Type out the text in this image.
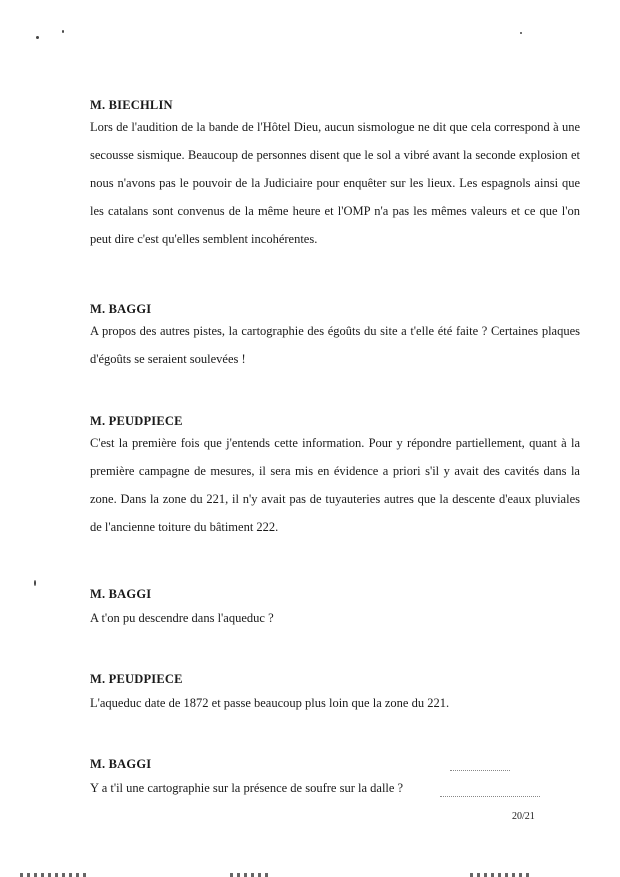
M. BIECHLIN
Lors de l'audition de la bande de l'Hôtel Dieu, aucun sismologue ne dit que cela correspond à une secousse sismique. Beaucoup de personnes disent que le sol a vibré avant la seconde explosion et nous n'avons pas le pouvoir de la Judiciaire pour enquêter sur les lieux. Les espagnols ainsi que les catalans sont convenus de la même heure et l'OMP n'a pas les mêmes valeurs et ce que l'on peut dire c'est qu'elles semblent incohérentes.
M. BAGGI
A propos des autres pistes, la cartographie des égoûts du site a t'elle été faite ? Certaines plaques d'égoûts se seraient soulevées !
M. PEUDPIECE
C'est la première fois que j'entends cette information. Pour y répondre partiellement, quant à la première campagne de mesures, il sera mis en évidence a priori s'il y avait des cavités dans la zone. Dans la zone du 221, il n'y avait pas de tuyauteries autres que la descente d'eaux pluviales de l'ancienne toiture du bâtiment 222.
M. BAGGI
A t'on pu descendre dans l'aqueduc ?
M. PEUDPIECE
L'aqueduc date de 1872 et passe beaucoup plus loin que la zone du 221.
M. BAGGI
Y a t'il une cartographie sur la présence de soufre sur la dalle ?
20/21
